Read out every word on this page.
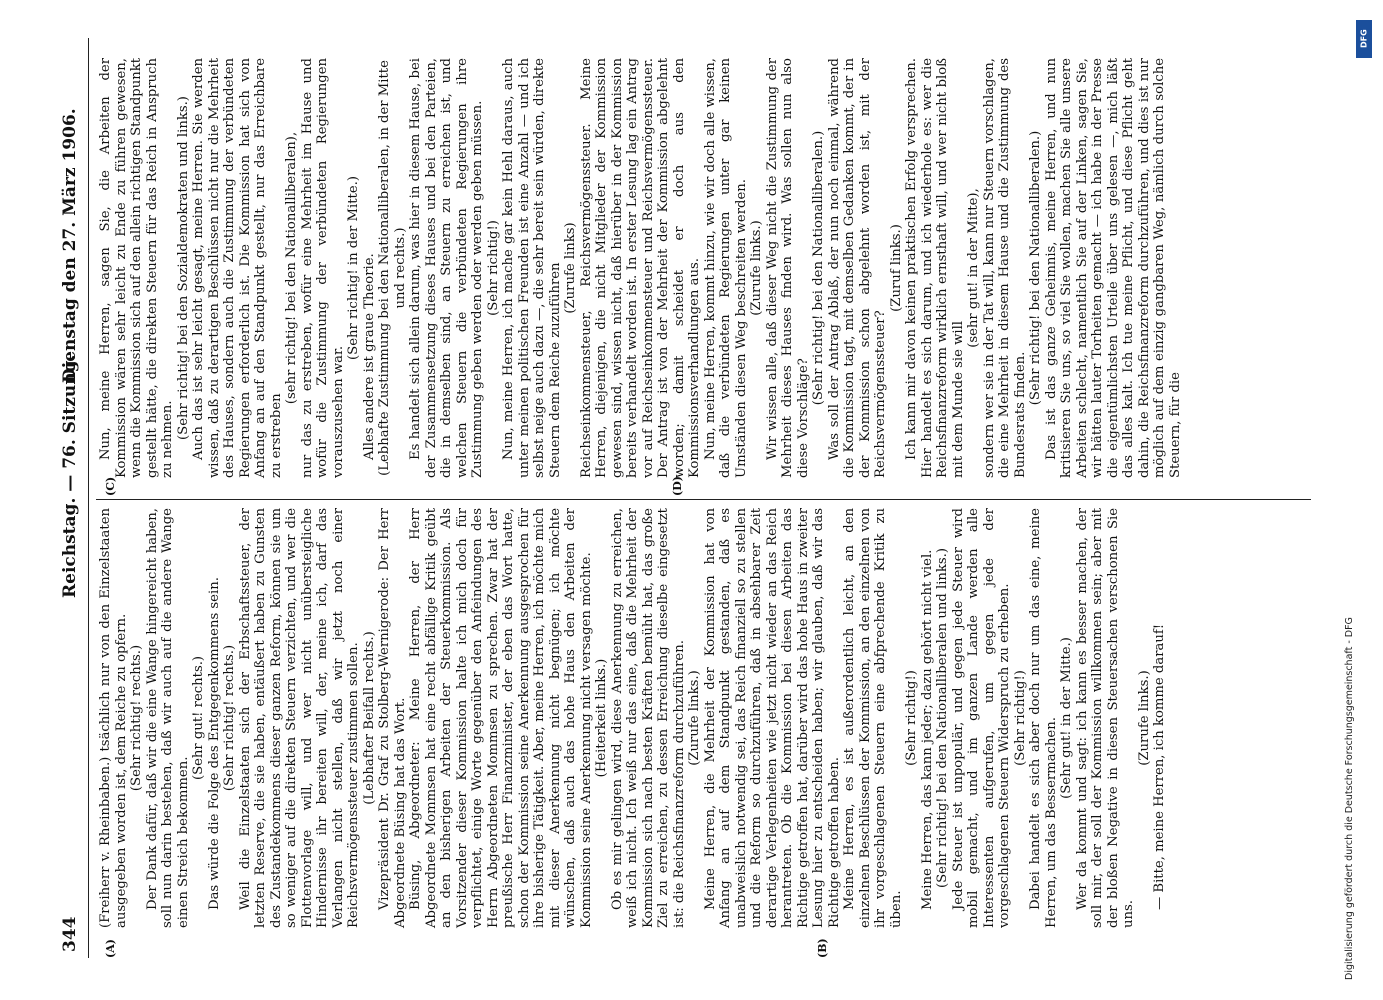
344
Reichstag. — 76. Sitzung.
Dienstag den 27. März 1906.
(A)	(B)
(C)	(D)

(Freiherr v. Rheinbaben.) tsächlich nur von den Einzelstaaten ausgegeben worden ist, dem Reiche zu opfern. (Sehr richtig! rechts.) Der Dank dafür, daß wir die eine Wange hingereicht haben, soll nun darin bestehen, daß wir auch auf die andere Wange einen Streich bekommen.

(Sehr gut! rechts.) Das würde die Folge des Entgegenkommens sein. (Sehr richtig! rechts.) Weil die Einzelstaaten sich der Erbschaftssteuer, der letzten Reserve, die sie haben, entäußert haben zu Gunsten des Zustandekommens dieser ganzen Reform, können sie um so weniger auf die direkten Steuern verzichten, und wer die Flottenvorlage will, und wer nicht unübersteigliche Hindernisse ihr bereiten will, der, meine ich, darf das Verlangen nicht stellen, daß wir jetzt noch einer Reichsvermögenssteuer zustimmen sollen. (Lebhafter Beifall rechts.) Vizepräsident Dr. Graf zu Stolberg-Wernigerode: Der Herr Abgeordnete Büsing hat das Wort. Büsing, Abgeordneter: Meine Herren, der Herr Abgeordnete Mommsen hat eine recht abfällige Kritik geübt an den bisherigen Arbeiten der Steuerkommission. Als Vorsitzender dieser Kommission halte ich mich doch für verpflichtet, einige Worte gegenüber den Anfeindungen des Herrn Abgeordneten Mommsen zu sprechen. Zwar hat der preußische Herr Finanzminister, der eben das Wort hatte, schon der Kommission seine Anerkennung ausgesprochen für ihre bisherige Tätigkeit. Aber, meine Herren, ich möchte mich mit dieser Anerkennung nicht begnügen; ich möchte wünschen, daß auch das hohe Haus den Arbeiten der Kommission seine Anerkennung nicht versagen möchte. (Heiterkeit links.) Ob es mir gelingen wird, diese Anerkennung zu erreichen, weiß ich nicht. Ich weiß nur das eine, daß die Mehrheit der Kommission sich nach besten Kräften bemüht hat, das große Ziel zu erreichen, zu dessen Erreichung dieselbe eingesetzt ist: die Reichsfinanzreform durchzuführen. (Zurufe links.) Meine Herren, die Mehrheit der Kommission hat von Anfang an auf dem Standpunkt gestanden, daß es unabweislich notwendig sei, das Reich finanziell so zu stellen und die Reform so durchzuführen, daß in absehbarer Zeit derartige Verlegenheiten wie jetzt nicht wieder an das Reich herantreten. Ob die Kommission bei diesen Arbeiten das Richtige getroffen hat, darüber wird das hohe Haus in zweiter Lesung hier zu entscheiden haben; wir glauben, daß wir das Richtige getroffen haben. Meine Herren, es ist außerordentlich leicht, an den einzelnen Beschlüssen der Kommission, an den einzelnen von ihr vorgeschlagenen Steuern eine abfprechende Kritik zu üben.

(Sehr richtig!) Meine Herren, das kann jeder; dazu gehört nicht viel. (Sehr richtig! bei den Nationalliberalen und links.) Jede Steuer ist unpopulär, und gegen jede Steuer wird mobil gemacht, und im ganzen Lande werden alle Interessenten aufgerufen, um gegen jede der vorgeschlagenen Steuern Widerspruch zu erheben. (Sehr richtig!) Dabei handelt es sich aber doch nur um das eine, meine Herren, um das Bessermachen. (Sehr gut! in der Mitte.) Wer da kommt und sagt: ich kann es besser machen, der soll mir, der soll der Kommission willkommen sein; aber mit der bloßen Negative in diesen Steuersachen verschonen Sie uns.

(Zurufe links.) — Bitte, meine Herren, ich komme darauf!

Nun, meine Herren, sagen Sie, die Arbeiten der Kommission wären sehr leicht zu Ende zu führen gewesen, wenn die Kommission sich auf den allein richtigen Standpunkt gestellt hätte, die direkten Steuern für das Reich in Anspruch zu nehmen. (Sehr richtig! bei den Sozialdemokraten und links.) Auch das ist sehr leicht gesagt, meine Herren. Sie werden wissen, daß zu derartigen Beschlüssen nicht nur die Mehrheit des Hauses, sondern auch die Zustimmung der verbündeten Regierungen erforderlich ist. Die Kommission hat sich von Anfang an auf den Standpunkt gestellt, nur das Erreichbare zu erstreben

(sehr richtig! bei den Nationalliberalen), nur das zu erstreben, wofür eine Mehrheit im Hause und wofür die Zustimmung der verbündeten Regierungen vorauszusehen war.

(Sehr richtig! in der Mitte.) Alles andere ist graue Theorie. (Lebhafte Zustimmung bei den Nationalliberalen, in der Mitte und rechts.) Es handelt sich allein darum, was hier in diesem Hause, bei der Zusammensetzung dieses Hauses und bei den Parteien, die in demselben sind, an Steuern zu erreichen ist, und welchen Steuern die verbündeten Regierungen ihre Zustimmung geben werden oder werden geben müssen. (Sehr richtig!) Nun, meine Herren, ich mache gar kein Hehl daraus, auch unter meinen politischen Freunden ist eine Anzahl — und ich selbst neige auch dazu —, die sehr bereit sein würden, direkte Steuern dem Reiche zuzuführen (Zurufe links) Reichseinkommensteuer, Reichsvermögenssteuer. Meine Herren, diejenigen, die nicht Mitglieder der Kommission gewesen sind, wissen nicht, daß hierüber in der Kommission bereits verhandelt worden ist. In erster Lesung lag ein Antrag vor auf Reichseinkommensteuer und Reichsvermögenssteuer. Der Antrag ist von der Mehrheit der Kommission abgelehnt worden; damit scheidet er doch aus den Kommissionsverhandlungen aus. Nun, meine Herren, kommt hinzu, wie wir doch alle wissen, daß die verbündeten Regierungen unter gar keinen Umständen diesen Weg beschreiten werden. (Zurufe links.) Wir wissen alle, daß dieser Weg nicht die Zustimmung der Mehrheit dieses Hauses finden wird. Was sollen nun also diese Vorschläge?

(Sehr richtig! bei den Nationalliberalen.) Was soll der Antrag Ablaß, der nun noch einmal, während die Kommission tagt, mit demselben Gedanken kommt, der in der Kommission schon abgelehnt worden ist, mit der Reichsvermögenssteuer?

(Zuruf links.) Ich kann mir davon keinen praktischen Erfolg versprechen. Hier handelt es sich darum, und ich wiederhole es: wer die Reichsfinanzreform wirklich ernsthaft will, und wer nicht bloß mit dem Munde sie will

(sehr gut! in der Mitte), sondern wer sie in der Tat will, kann nur Steuern vorschlagen, die eine Mehrheit in diesem Hause und die Zustimmung des Bundesrats finden.

(Sehr richtig! bei den Nationalliberalen.) Das ist das ganze Geheimnis, meine Herren, und nun kritisieren Sie uns, so viel Sie wollen, machen Sie alle unsere Arbeiten schlecht, namentlich Sie auf der Linken, sagen Sie, wir hätten lauter Torheiten gemacht — ich habe in der Presse die eigentümlichsten Urteile über uns gelesen —, mich läßt das alles kalt. Ich tue meine Pflicht, und diese Pflicht geht dahin, die Reichsfinanzreform durchzuführen, und dies ist nur möglich auf dem einzig gangbaren Weg, nämlich durch solche Steuern, für die

DFG
Digitalisierung gefördert durch die Deutsche Forschungsgemeinschaft - DFG
